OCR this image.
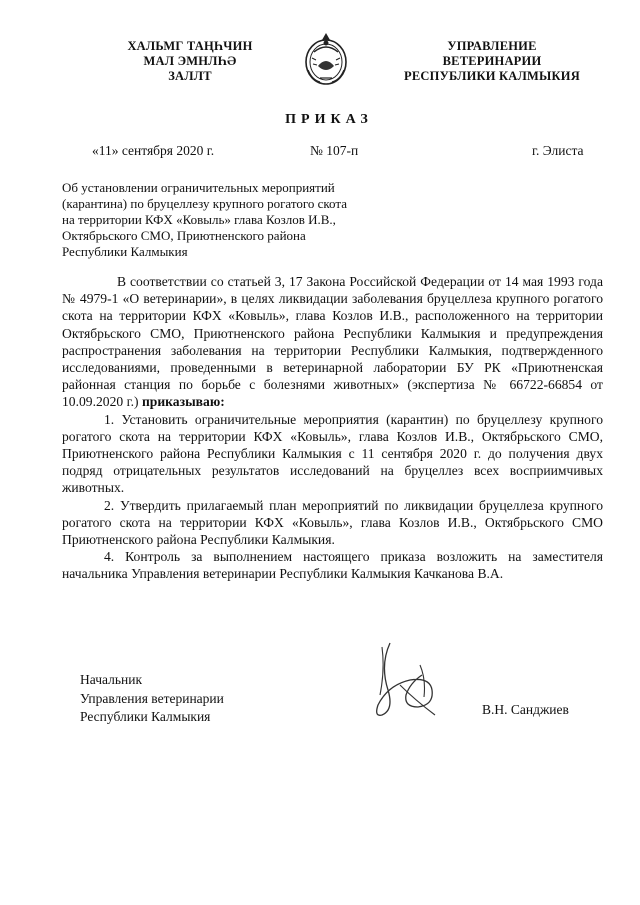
ХАЛЬМГ ТАҢҺЧИН
МАЛ ЭМНЛҺӘ
ЗАЛЛТ
УПРАВЛЕНИЕ
ВЕТЕРИНАРИИ
РЕСПУБЛИКИ КАЛМЫКИЯ
ПРИКАЗ
«11» сентября 2020 г.	№ 107-п	г. Элиста
Об установлении ограничительных мероприятий
(карантина) по бруцеллезу крупного рогатого скота
на территории КФХ «Ковыль» глава Козлов И.В.,
Октябрьского СМО, Приютненского района
Республики Калмыкия

В соответствии со статьей 3, 17 Закона Российской Федерации от 14 мая 1993 года № 4979-1 «О ветеринарии», в целях ликвидации заболевания бруцеллеза крупного рогатого скота на территории КФХ «Ковыль», глава Козлов И.В., расположенного на территории Октябрьского СМО, Приютненского района Республики Калмыкия и предупреждения распространения заболевания на территории Республики Калмыкия, подтвержденного исследованиями, проведенными в ветеринарной лаборатории БУ РК «Приютненская районная станция по борьбе с болезнями животных» (экспертиза № 66722-66854 от 10.09.2020 г.) приказываю:

1. Установить ограничительные мероприятия (карантин) по бруцеллезу крупного рогатого скота на территории КФХ «Ковыль», глава Козлов И.В., Октябрьского СМО, Приютненского района Республики Калмыкия с 11 сентября 2020 г. до получения двух подряд отрицательных результатов исследований на бруцеллез всех восприимчивых животных.

2. Утвердить прилагаемый план мероприятий по ликвидации бруцеллеза крупного рогатого скота на территории КФХ «Ковыль», глава Козлов И.В., Октябрьского СМО Приютненского района Республики Калмыкия.

4. Контроль за выполнением настоящего приказа возложить на заместителя начальника Управления ветеринарии Республики Калмыкия Качканова В.А.

Начальник
Управления ветеринарии
Республики Калмыкия	В.Н. Санджиев
